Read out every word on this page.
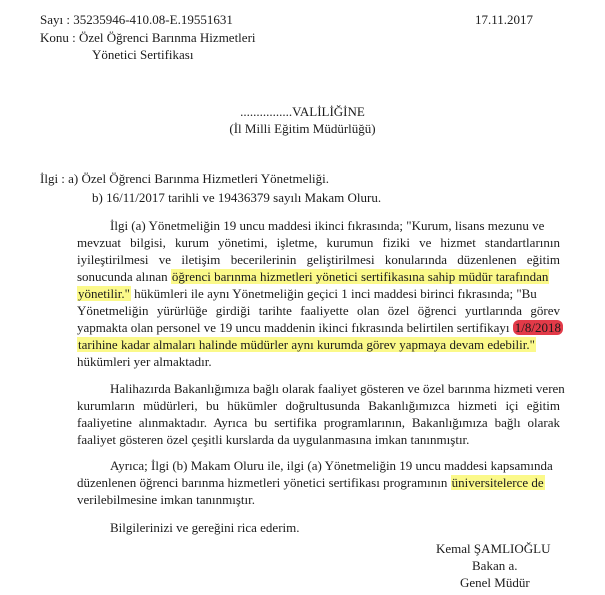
Sayı : 35235946-410.08-E.19551631	17.11.2017
Konu : Özel Öğrenci Barınma Hizmetleri
Yönetici Sertifikası
................VALİLİĞİNE
(İl Milli Eğitim Müdürlüğü)
İlgi : a) Özel Öğrenci Barınma Hizmetleri Yönetmeliği.
b) 16/11/2017 tarihli ve 19436379 sayılı Makam Oluru.
İlgi (a) Yönetmeliğin 19 uncu maddesi ikinci fıkrasında; "Kurum, lisans mezunu ve
mevzuat bilgisi, kurum yönetimi, işletme, kurumun fiziki ve hizmet standartlarının
iyileştirilmesi ve iletişim becerilerinin geliştirilmesi konularında düzenlenen eğitim
sonucunda alınan öğrenci barınma hizmetleri yönetici sertifikasına sahip müdür tarafından
yönetilir." hükümleri ile aynı Yönetmeliğin geçici 1 inci maddesi birinci fıkrasında; "Bu
Yönetmeliğin yürürlüğe girdiği tarihte faaliyette olan özel öğrenci yurtlarında görev
yapmakta olan personel ve 19 uncu maddenin ikinci fıkrasında belirtilen sertifikayı 1/8/2018
tarihine kadar almaları halinde müdürler aynı kurumda görev yapmaya devam edebilir."
hükümleri yer almaktadır.
Halihazırda Bakanlığımıza bağlı olarak faaliyet gösteren ve özel barınma hizmeti veren
kurumların müdürleri, bu hükümler doğrultusunda Bakanlığımızca hizmeti içi eğitim
faaliyetine alınmaktadır. Ayrıca bu sertifika programlarının, Bakanlığımıza bağlı olarak
faaliyet gösteren özel çeşitli kurslarda da uygulanmasına imkan tanınmıştır.
Ayrıca; İlgi (b) Makam Oluru ile, ilgi (a) Yönetmeliğin 19 uncu maddesi kapsamında
düzenlenen öğrenci barınma hizmetleri yönetici sertifikası programının üniversitelerce de
verilebilmesine imkan tanınmıştır.
Bilgilerinizi ve gereğini rica ederim.
Kemal ŞAMLIOĞLU
Bakan a.
Genel Müdür
